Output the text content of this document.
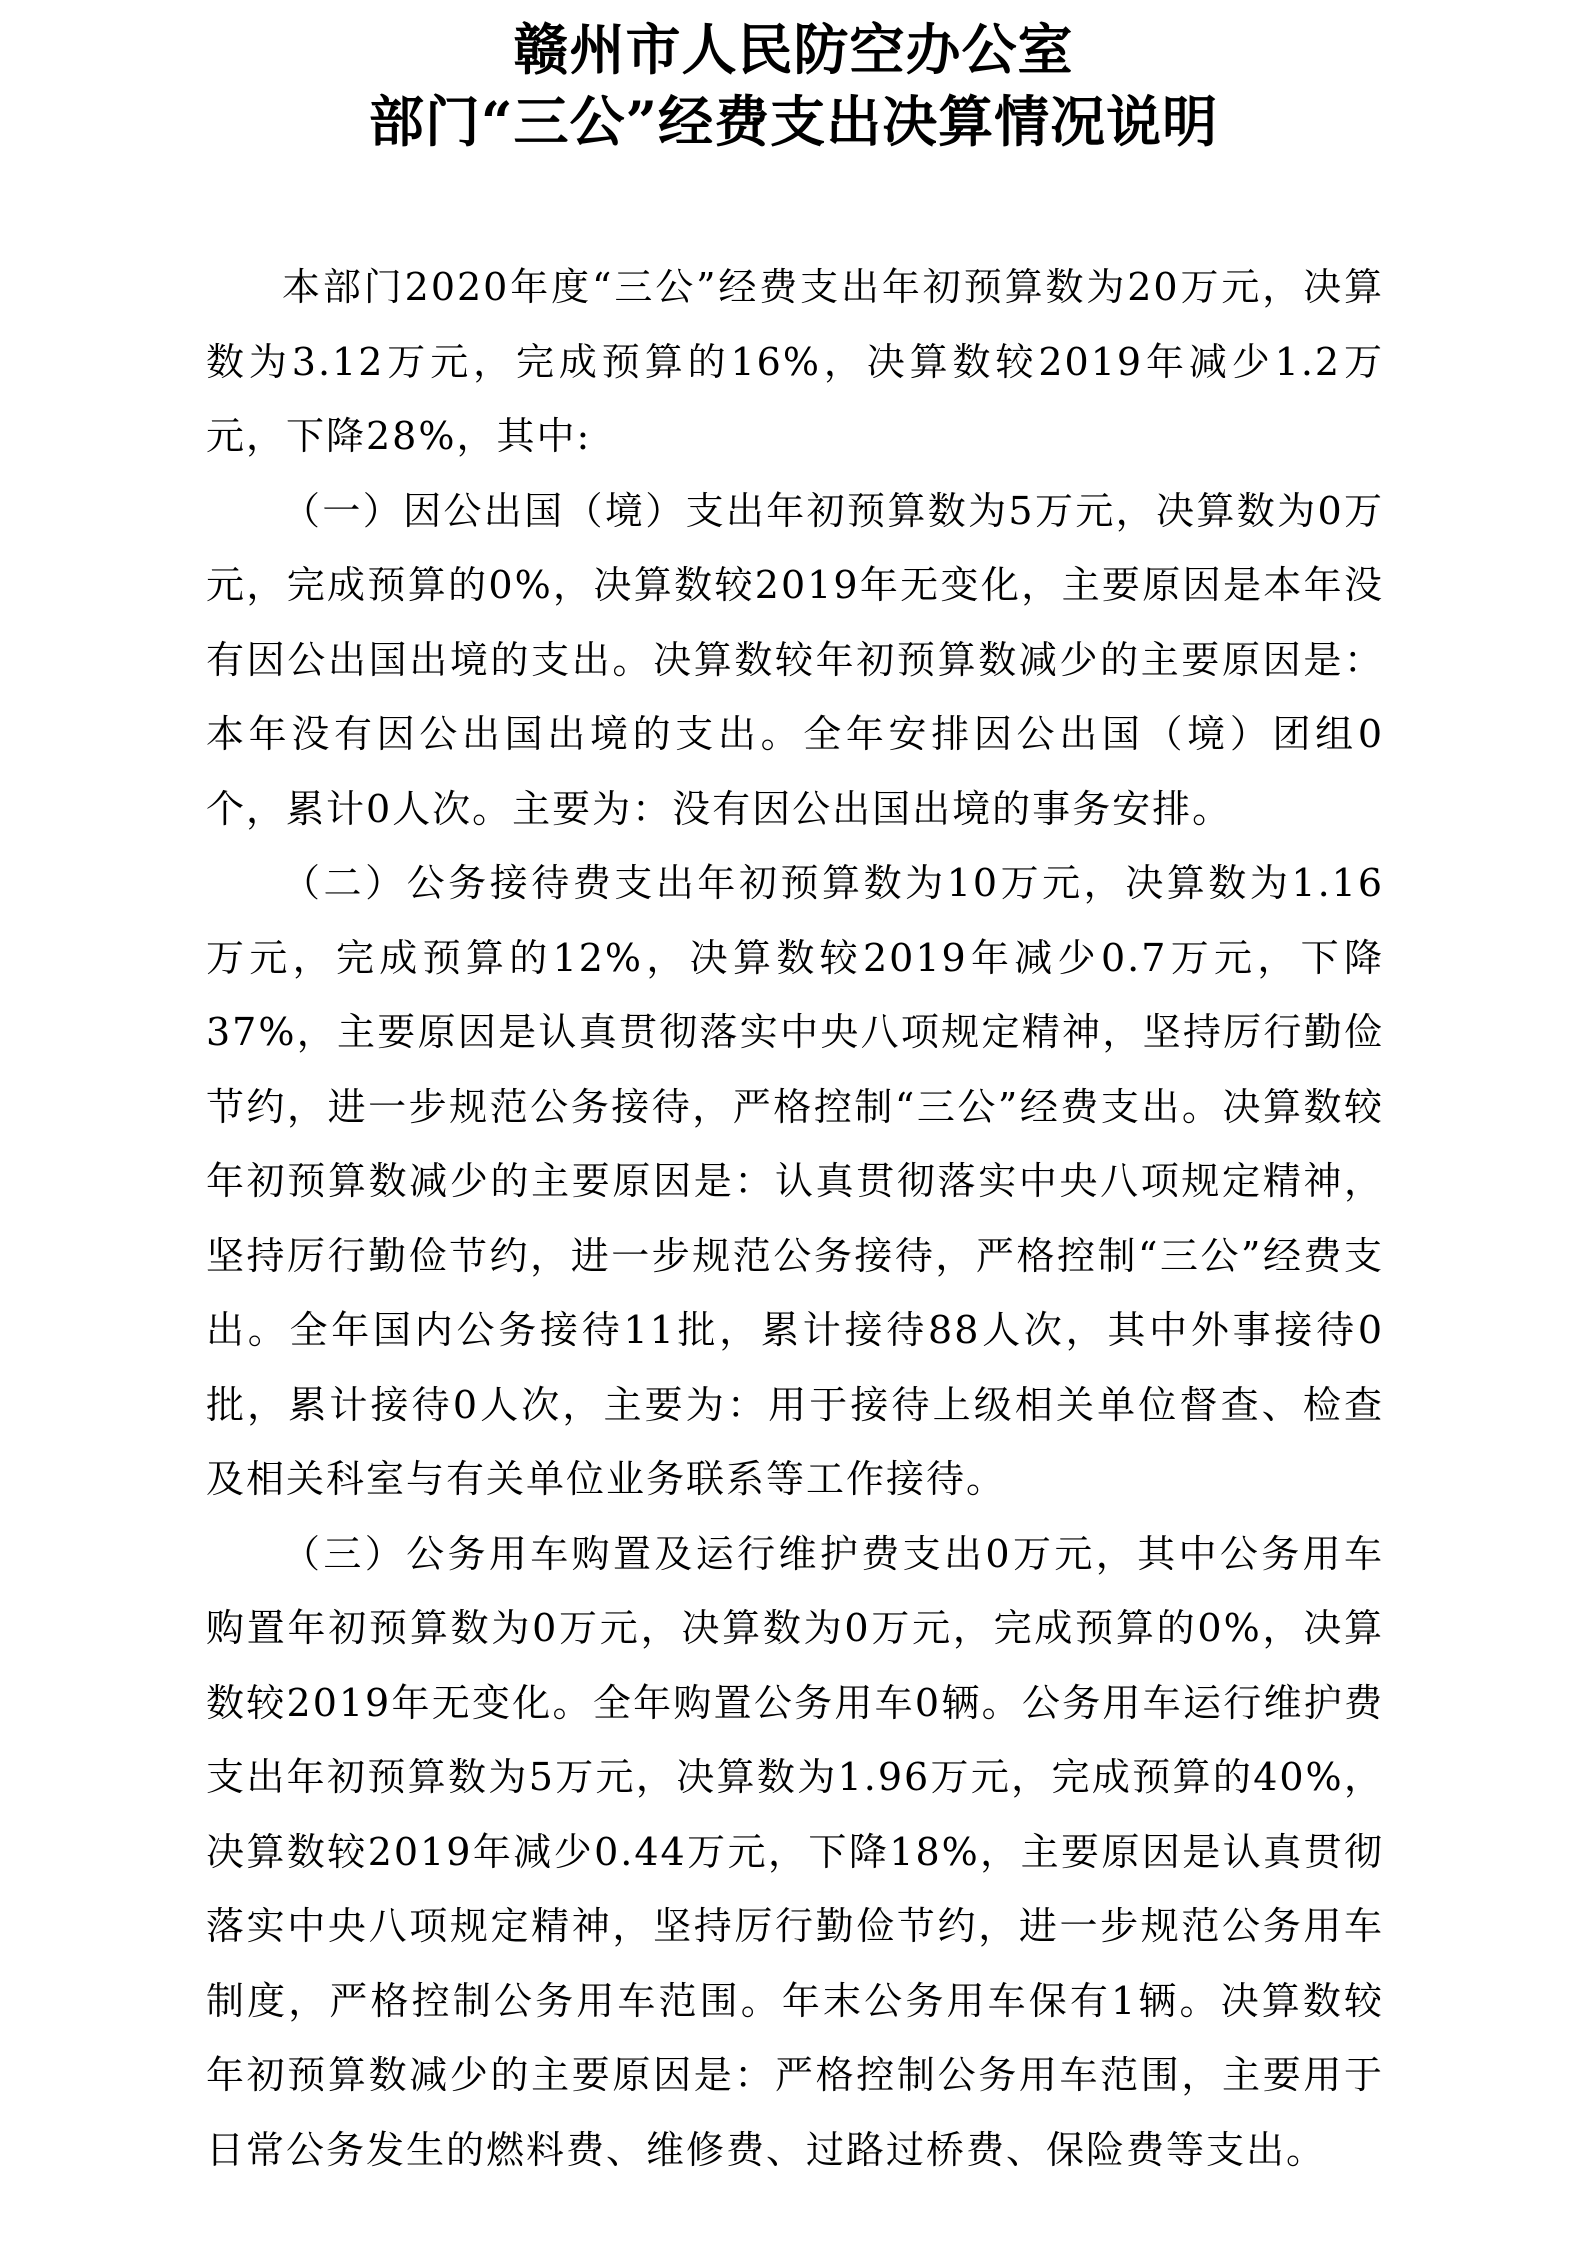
赣州市人民防空办公室
部门“三公”经费支出决算情况说明

本部门2020年度“三公”经费支出年初预算数为20万元，决算数为3.12万元，完成预算的16%，决算数较2019年减少1.2万元，下降28%，其中:

（一）因公出国（境）支出年初预算数为5万元，决算数为0万元，完成预算的0%，决算数较2019年无变化，主要原因是本年没有因公出国出境的支出。决算数较年初预算数减少的主要原因是：本年没有因公出国出境的支出。全年安排因公出国（境）团组0个，累计0人次。主要为：没有因公出国出境的事务安排。

（二）公务接待费支出年初预算数为10万元，决算数为1.16万元，完成预算的12%，决算数较2019年减少0.7万元，下降37%，主要原因是认真贯彻落实中央八项规定精神，坚持厉行勤俭节约，进一步规范公务接待，严格控制“三公”经费支出。决算数较年初预算数减少的主要原因是：认真贯彻落实中央八项规定精神，坚持厉行勤俭节约，进一步规范公务接待，严格控制“三公”经费支出。全年国内公务接待11批，累计接待88人次，其中外事接待0批，累计接待0人次，主要为：用于接待上级相关单位督查、检查及相关科室与有关单位业务联系等工作接待。

（三）公务用车购置及运行维护费支出0万元，其中公务用车购置年初预算数为0万元，决算数为0万元，完成预算的0%，决算数较2019年无变化。全年购置公务用车0辆。公务用车运行维护费支出年初预算数为5万元，决算数为1.96万元，完成预算的40%，决算数较2019年减少0.44万元，下降18%，主要原因是认真贯彻落实中央八项规定精神，坚持厉行勤俭节约，进一步规范公务用车制度，严格控制公务用车范围。年末公务用车保有1辆。决算数较年初预算数减少的主要原因是：严格控制公务用车范围，主要用于日常公务发生的燃料费、维修费、过路过桥费、保险费等支出。
